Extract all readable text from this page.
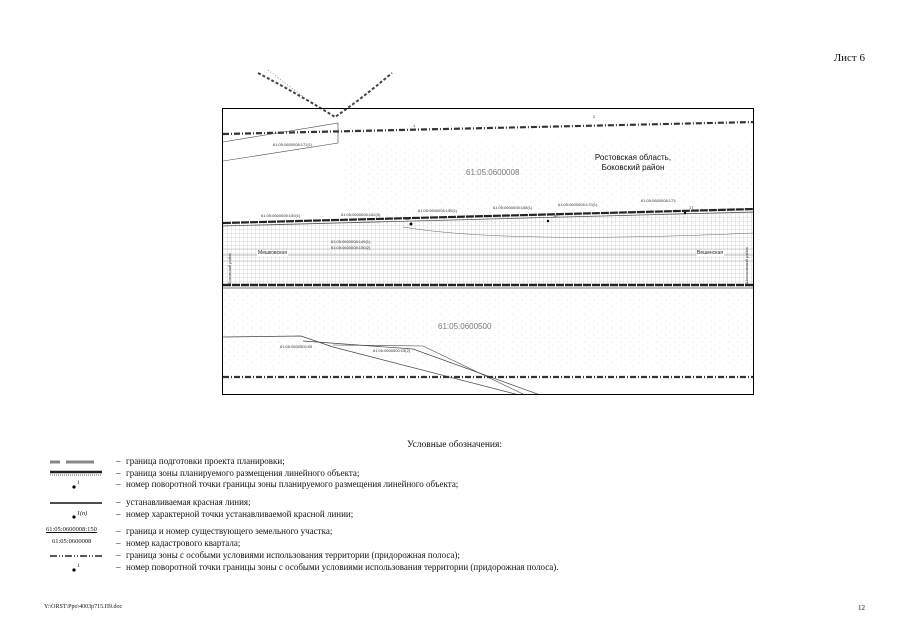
Лист 6
Ростовская область, Боковский район
61:05:0600008
61:05:0600500
Мешковская	Вешенская
1
2
15
16
17
61:05:0600008:171(1)
61:05:0600008:150(1)	61:05:0600008:162(3)
61:05:0600008:155(1)
61:05:0600008:158(1)
61:05:0600008:170(1)
61:05:0600008:173
61:05:0600008:149(1)
61:05:0600008:150(2)
61:05:0600500:95
61:05:0600500:15(2)
Боковский район	Шолоховский район
Условные обозначения:
– граница подготовки проекта планировки;
– граница зоны планируемого размещения линейного объекта;
1	– номер поворотной точки границы зоны планируемого размещения линейного объекта;
– устанавливаемая красная линия;
1(n)	– номер характерной точки устанавливаемой красной линии;
61:05:0600008:150 – граница и номер существующего земельного участка;
61:05:0600008	– номер кадастрового квартала;
– граница зоны с особыми условиями использования территории (придорожная полоса);
1	– номер поворотной точки границы зоны с особыми условиями использования территории (придорожная полоса).
Y:\ORST\Ppo\4003p715.П9.doc	12
